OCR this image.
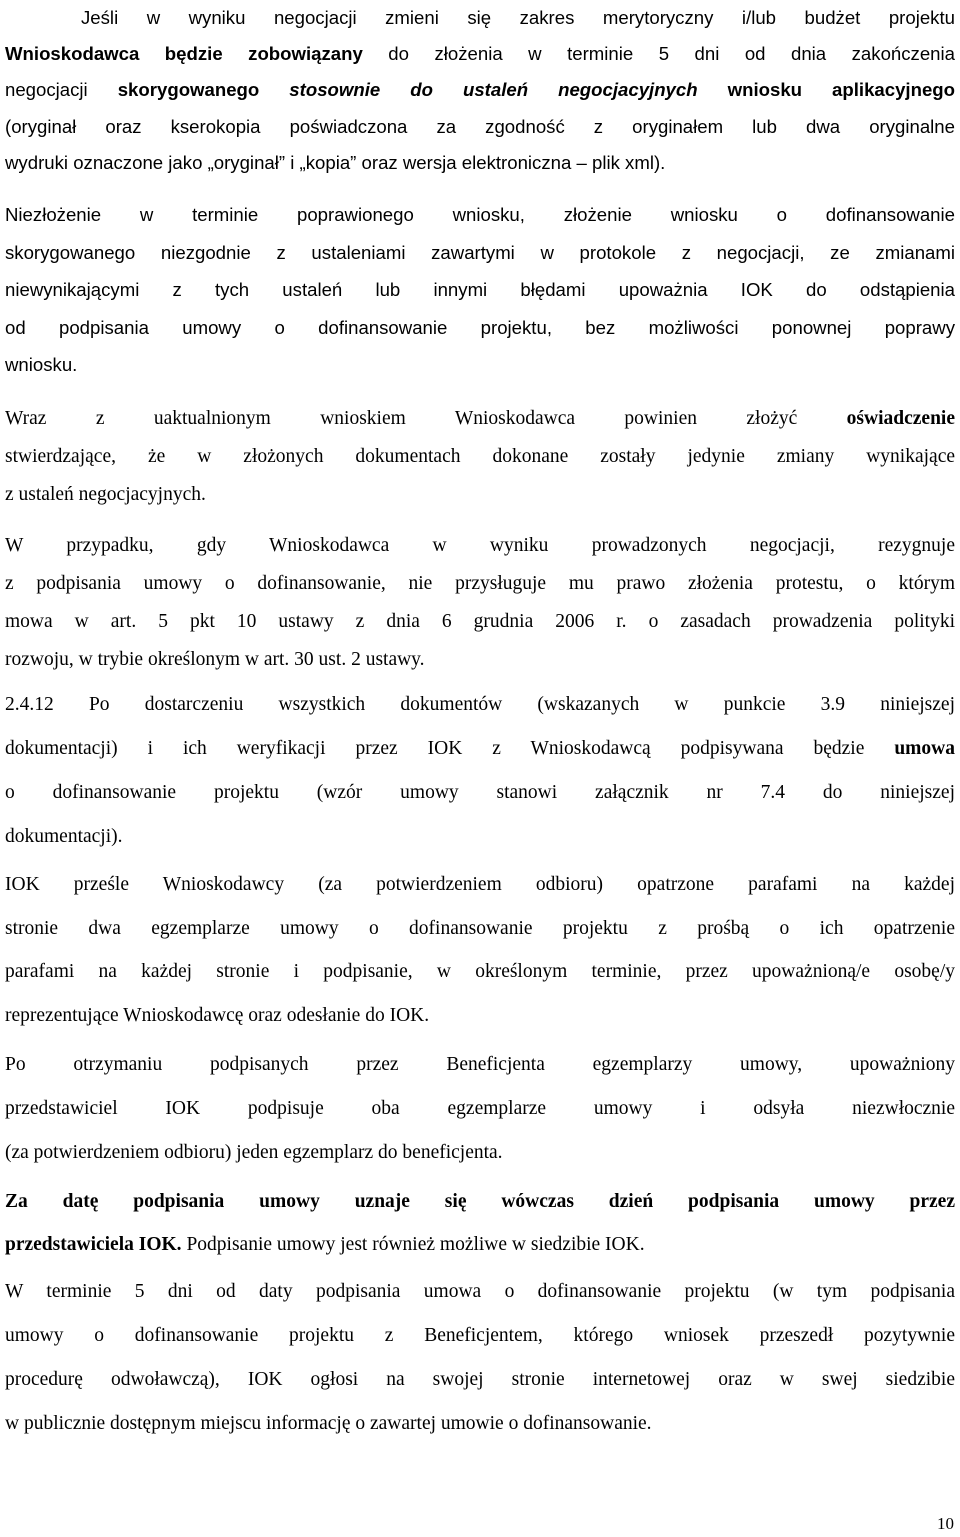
Jeśli w wyniku negocjacji zmieni się zakres merytoryczny i/lub budżet projektu
Wnioskodawca będzie zobowiązany do złożenia w terminie 5 dni od dnia zakończenia
negocjacji skorygowanego stosownie do ustaleń negocjacyjnych wniosku aplikacyjnego
(oryginał oraz kserokopia poświadczona za zgodność z oryginałem lub dwa oryginalne
wydruki oznaczone jako „oryginał” i „kopia” oraz wersja elektroniczna – plik xml).
Niezłożenie w terminie poprawionego wniosku, złożenie wniosku o dofinansowanie
skorygowanego niezgodnie z ustaleniami zawartymi w protokole z negocjacji, ze zmianami
niewynikającymi z tych ustaleń lub innymi błędami upoważnia IOK do odstąpienia
od podpisania umowy o dofinansowanie projektu, bez możliwości ponownej poprawy
wniosku.
Wraz z uaktualnionym wnioskiem Wnioskodawca powinien złożyć oświadczenie
stwierdzające, że w złożonych dokumentach dokonane zostały jedynie zmiany wynikające
z ustaleń negocjacyjnych.
W przypadku, gdy Wnioskodawca w wyniku prowadzonych negocjacji, rezygnuje
z podpisania umowy o dofinansowanie, nie przysługuje mu prawo złożenia protestu, o którym
mowa w art. 5 pkt 10 ustawy z dnia 6 grudnia 2006 r. o zasadach prowadzenia polityki
rozwoju, w trybie określonym w art. 30 ust. 2 ustawy.
2.4.12 Po dostarczeniu wszystkich dokumentów (wskazanych w punkcie 3.9 niniejszej
dokumentacji) i ich weryfikacji przez IOK z Wnioskodawcą podpisywana będzie umowa
o dofinansowanie projektu (wzór umowy stanowi załącznik nr 7.4 do niniejszej
dokumentacji).
IOK prześle Wnioskodawcy (za potwierdzeniem odbioru) opatrzone parafami na każdej
stronie dwa egzemplarze umowy o dofinansowanie projektu z prośbą o ich opatrzenie
parafami na każdej stronie i podpisanie, w określonym terminie, przez upoważnioną/e osobę/y
reprezentujące Wnioskodawcę oraz odesłanie do IOK.
Po otrzymaniu podpisanych przez Beneficjenta egzemplarzy umowy, upoważniony
przedstawiciel IOK podpisuje oba egzemplarze umowy i odsyła niezwłocznie
(za potwierdzeniem odbioru) jeden egzemplarz do beneficjenta.
Za datę podpisania umowy uznaje się wówczas dzień podpisania umowy przez
przedstawiciela IOK. Podpisanie umowy jest również możliwe w siedzibie IOK.
W terminie 5 dni od daty podpisania umowa o dofinansowanie projektu (w tym podpisania
umowy o dofinansowanie projektu z Beneficjentem, którego wniosek przeszedł pozytywnie
procedurę odwoławczą), IOK ogłosi na swojej stronie internetowej oraz w swej siedzibie
w publicznie dostępnym miejscu informację o zawartej umowie o dofinansowanie.
10
